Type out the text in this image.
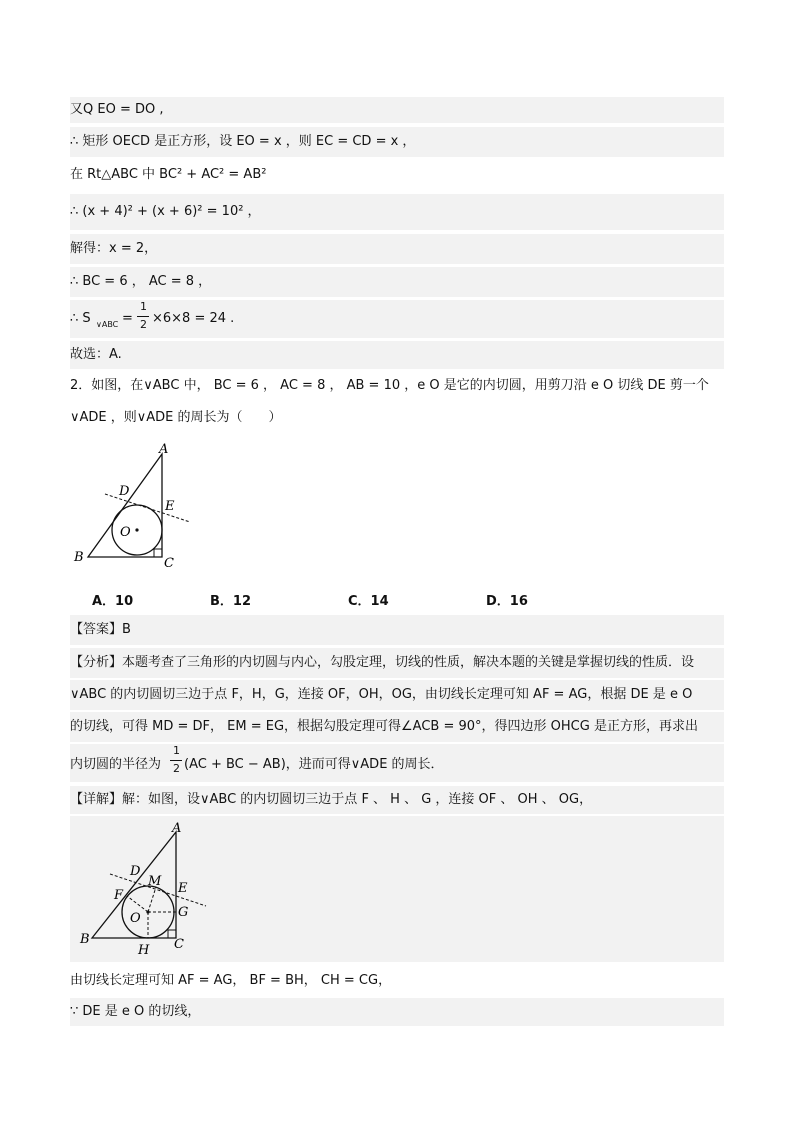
又Q EO = DO ,
∴ 矩形 OECD 是正方形，设 EO = x ，则 EC = CD = x ，
在 Rt△ABC 中 BC² + AC² = AB²
∴ (x + 4)² + (x + 6)² = 10² ，
解得：x = 2，
∴ BC = 6 ， AC = 8 ，
∴ S ∨ABC =
1
2 ×6×8 = 24 .
故选：A.
2．如图，在∨ABC 中， BC = 6 ， AC = 8 ， AB = 10 ，e O 是它的内切圆，用剪刀沿 e O 切线 DE 剪一个
∨ADE ，则∨ADE 的周长为（　　）
A
B	C
D
E
O
A．10	B．12	C．14	D．16
【答案】B
【分析】本题考查了三角形的内切圆与内心，勾股定理，切线的性质，解决本题的关键是掌握切线的性质．设
∨ABC 的内切圆切三边于点 F，H，G，连接 OF，OH，OG，由切线长定理可知 AF = AG，根据 DE 是 e O
的切线，可得 MD = DF， EM = EG，根据勾股定理可得∠ACB = 90°，得四边形 OHCG 是正方形，再求出
内切圆的半径为
1
2 (AC + BC − AB)，进而可得∨ADE 的周长．
【详解】解：如图，设∨ABC 的内切圆切三边于点 F 、 H 、 G ，连接 OF 、 OH 、 OG，
A
B	C
D
M E
F
G
H
O
由切线长定理可知 AF = AG， BF = BH， CH = CG，
∵ DE 是 e O 的切线，
